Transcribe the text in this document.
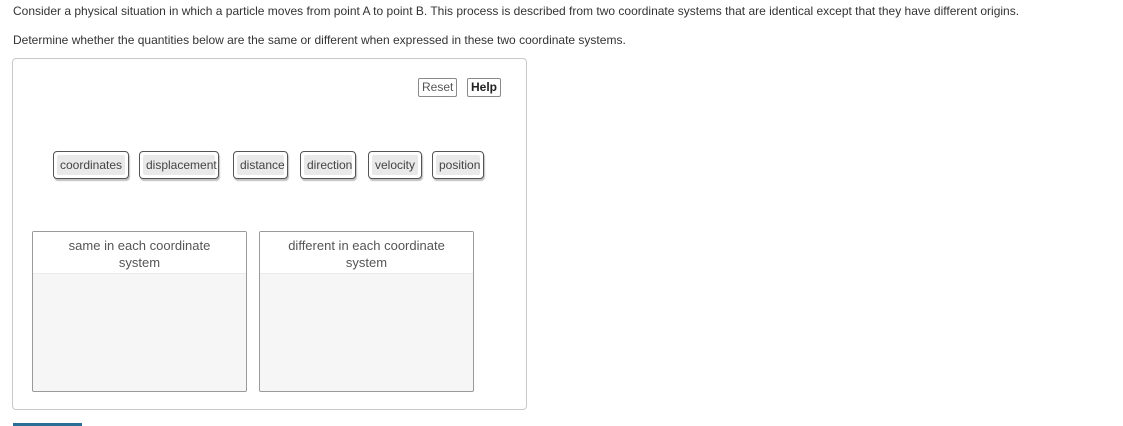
Consider a physical situation in which a particle moves from point A to point B. This process is described from two coordinate systems that are identical except that they have different origins.
Determine whether the quantities below are the same or different when expressed in these two coordinate systems.
Reset	Help
coordinates displacement distance direction velocity position
same in each coordinate system
different in each coordinate system
